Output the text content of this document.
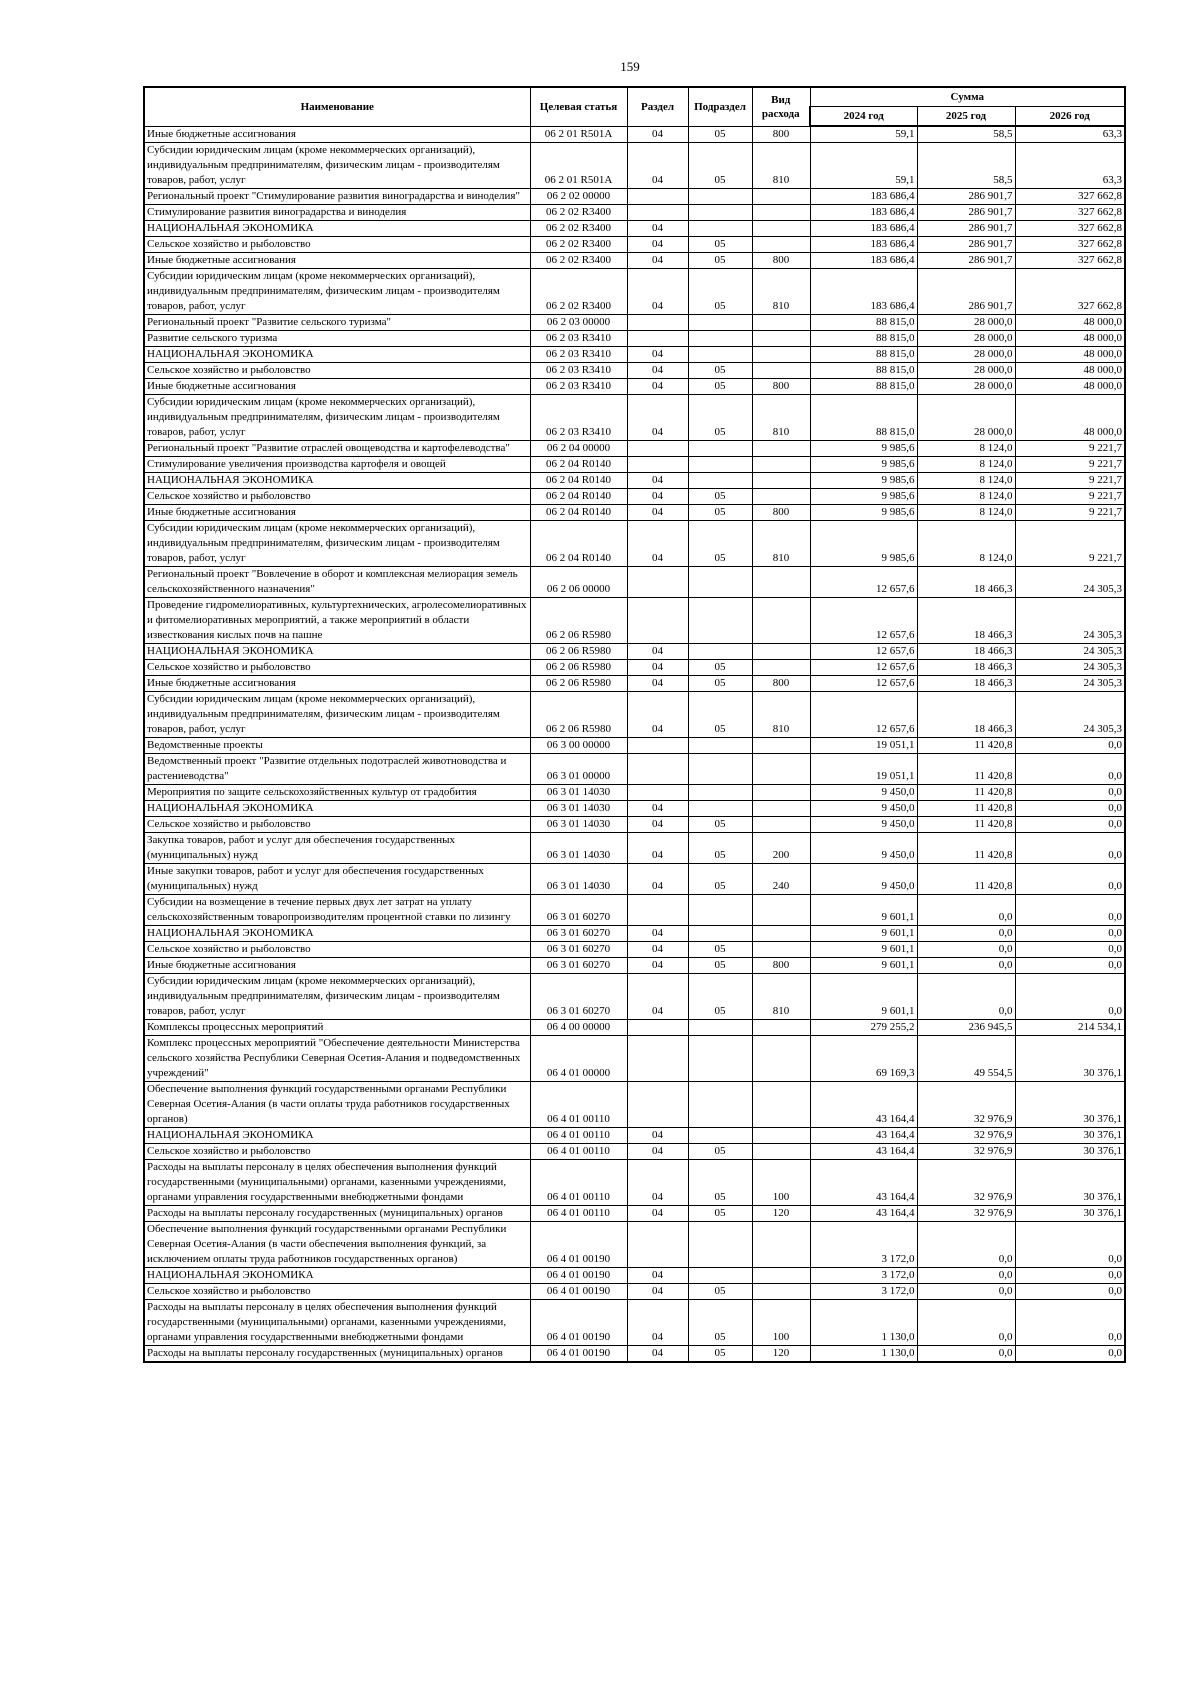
159
Наименование	Целевая статья	Раздел	Подраздел	Вид расхода	Сумма		
					2024 год	2025 год	2026 год
Иные бюджетные ассигнования	06 2 01 R501A	04	05	800	59,1	58,5	63,3
Субсидии юридическим лицам (кроме некоммерческих организаций), индивидуальным предпринимателям, физическим лицам - производителям товаров, работ, услуг	06 2 01 R501A	04	05	810	59,1	58,5	63,3
Региональный проект "Стимулирование развития виноградарства и виноделия"	06 2 02 00000				183 686,4	286 901,7	327 662,8
Стимулирование развития виноградарства и виноделия	06 2 02 R3400				183 686,4	286 901,7	327 662,8
НАЦИОНАЛЬНАЯ ЭКОНОМИКА	06 2 02 R3400	04			183 686,4	286 901,7	327 662,8
Сельское хозяйство и рыболовство	06 2 02 R3400	04	05		183 686,4	286 901,7	327 662,8
Иные бюджетные ассигнования	06 2 02 R3400	04	05	800	183 686,4	286 901,7	327 662,8
Субсидии юридическим лицам (кроме некоммерческих организаций), индивидуальным предпринимателям, физическим лицам - производителям товаров, работ, услуг	06 2 02 R3400	04	05	810	183 686,4	286 901,7	327 662,8
Региональный проект "Развитие сельского туризма"	06 2 03 00000				88 815,0	28 000,0	48 000,0
Развитие сельского туризма	06 2 03 R3410				88 815,0	28 000,0	48 000,0
НАЦИОНАЛЬНАЯ ЭКОНОМИКА	06 2 03 R3410	04			88 815,0	28 000,0	48 000,0
Сельское хозяйство и рыболовство	06 2 03 R3410	04	05		88 815,0	28 000,0	48 000,0
Иные бюджетные ассигнования	06 2 03 R3410	04	05	800	88 815,0	28 000,0	48 000,0
Субсидии юридическим лицам (кроме некоммерческих организаций), индивидуальным предпринимателям, физическим лицам - производителям товаров, работ, услуг	06 2 03 R3410	04	05	810	88 815,0	28 000,0	48 000,0
Региональный проект "Развитие отраслей овощеводства и картофелеводства"	06 2 04 00000				9 985,6	8 124,0	9 221,7
Стимулирование увеличения производства картофеля и овощей	06 2 04 R0140				9 985,6	8 124,0	9 221,7
НАЦИОНАЛЬНАЯ ЭКОНОМИКА	06 2 04 R0140	04			9 985,6	8 124,0	9 221,7
Сельское хозяйство и рыболовство	06 2 04 R0140	04	05		9 985,6	8 124,0	9 221,7
Иные бюджетные ассигнования	06 2 04 R0140	04	05	800	9 985,6	8 124,0	9 221,7
Субсидии юридическим лицам (кроме некоммерческих организаций), индивидуальным предпринимателям, физическим лицам - производителям товаров, работ, услуг	06 2 04 R0140	04	05	810	9 985,6	8 124,0	9 221,7
Региональный проект "Вовлечение в оборот и комплексная мелиорация земель сельскохозяйственного назначения"	06 2 06 00000				12 657,6	18 466,3	24 305,3
Проведение гидромелиоративных, культуртехнических, агролесомелиоративных и фитомелиоративных мероприятий, а также мероприятий в области известкования кислых почв на пашне	06 2 06 R5980				12 657,6	18 466,3	24 305,3
НАЦИОНАЛЬНАЯ ЭКОНОМИКА	06 2 06 R5980	04			12 657,6	18 466,3	24 305,3
Сельское хозяйство и рыболовство	06 2 06 R5980	04	05		12 657,6	18 466,3	24 305,3
Иные бюджетные ассигнования	06 2 06 R5980	04	05	800	12 657,6	18 466,3	24 305,3
Субсидии юридическим лицам (кроме некоммерческих организаций), индивидуальным предпринимателям, физическим лицам - производителям товаров, работ, услуг	06 2 06 R5980	04	05	810	12 657,6	18 466,3	24 305,3
Ведомственные проекты	06 3 00 00000				19 051,1	11 420,8	0,0
Ведомственный проект "Развитие отдельных подотраслей животноводства и растениеводства"	06 3 01 00000				19 051,1	11 420,8	0,0
Мероприятия по защите сельскохозяйственных культур от градобития	06 3 01 14030				9 450,0	11 420,8	0,0
НАЦИОНАЛЬНАЯ ЭКОНОМИКА	06 3 01 14030	04			9 450,0	11 420,8	0,0
Сельское хозяйство и рыболовство	06 3 01 14030	04	05		9 450,0	11 420,8	0,0
Закупка товаров, работ и услуг для обеспечения государственных (муниципальных) нужд	06 3 01 14030	04	05	200	9 450,0	11 420,8	0,0
Иные закупки товаров, работ и услуг для обеспечения государственных (муниципальных) нужд	06 3 01 14030	04	05	240	9 450,0	11 420,8	0,0
Субсидии на возмещение в течение первых двух лет затрат на уплату сельскохозяйственным товаропроизводителям процентной ставки по лизингу	06 3 01 60270				9 601,1	0,0	0,0
НАЦИОНАЛЬНАЯ ЭКОНОМИКА	06 3 01 60270	04			9 601,1	0,0	0,0
Сельское хозяйство и рыболовство	06 3 01 60270	04	05		9 601,1	0,0	0,0
Иные бюджетные ассигнования	06 3 01 60270	04	05	800	9 601,1	0,0	0,0
Субсидии юридическим лицам (кроме некоммерческих организаций), индивидуальным предпринимателям, физическим лицам - производителям товаров, работ, услуг	06 3 01 60270	04	05	810	9 601,1	0,0	0,0
Комплексы процессных мероприятий	06 4 00 00000				279 255,2	236 945,5	214 534,1
Комплекс процессных мероприятий "Обеспечение деятельности Министерства сельского хозяйства Республики Северная Осетия-Алания и подведомственных учреждений"	06 4 01 00000				69 169,3	49 554,5	30 376,1
Обеспечение выполнения функций государственными органами Республики Северная Осетия-Алания (в части оплаты труда работников государственных органов)	06 4 01 00110				43 164,4	32 976,9	30 376,1
НАЦИОНАЛЬНАЯ ЭКОНОМИКА	06 4 01 00110	04			43 164,4	32 976,9	30 376,1
Сельское хозяйство и рыболовство	06 4 01 00110	04	05		43 164,4	32 976,9	30 376,1
Расходы на выплаты персоналу в целях обеспечения выполнения функций государственными (муниципальными) органами, казенными учреждениями, органами управления государственными внебюджетными фондами	06 4 01 00110	04	05	100	43 164,4	32 976,9	30 376,1
Расходы на выплаты персоналу государственных (муниципальных) органов	06 4 01 00110	04	05	120	43 164,4	32 976,9	30 376,1
Обеспечение выполнения функций государственными органами Республики Северная Осетия-Алания (в части обеспечения выполнения функций, за исключением оплаты труда работников государственных органов)	06 4 01 00190				3 172,0	0,0	0,0
НАЦИОНАЛЬНАЯ ЭКОНОМИКА	06 4 01 00190	04			3 172,0	0,0	0,0
Сельское хозяйство и рыболовство	06 4 01 00190	04	05		3 172,0	0,0	0,0
Расходы на выплаты персоналу в целях обеспечения выполнения функций государственными (муниципальными) органами, казенными учреждениями, органами управления государственными внебюджетными фондами	06 4 01 00190	04	05	100	1 130,0	0,0	0,0
Расходы на выплаты персоналу государственных (муниципальных) органов	06 4 01 00190	04	05	120	1 130,0	0,0	0,0
